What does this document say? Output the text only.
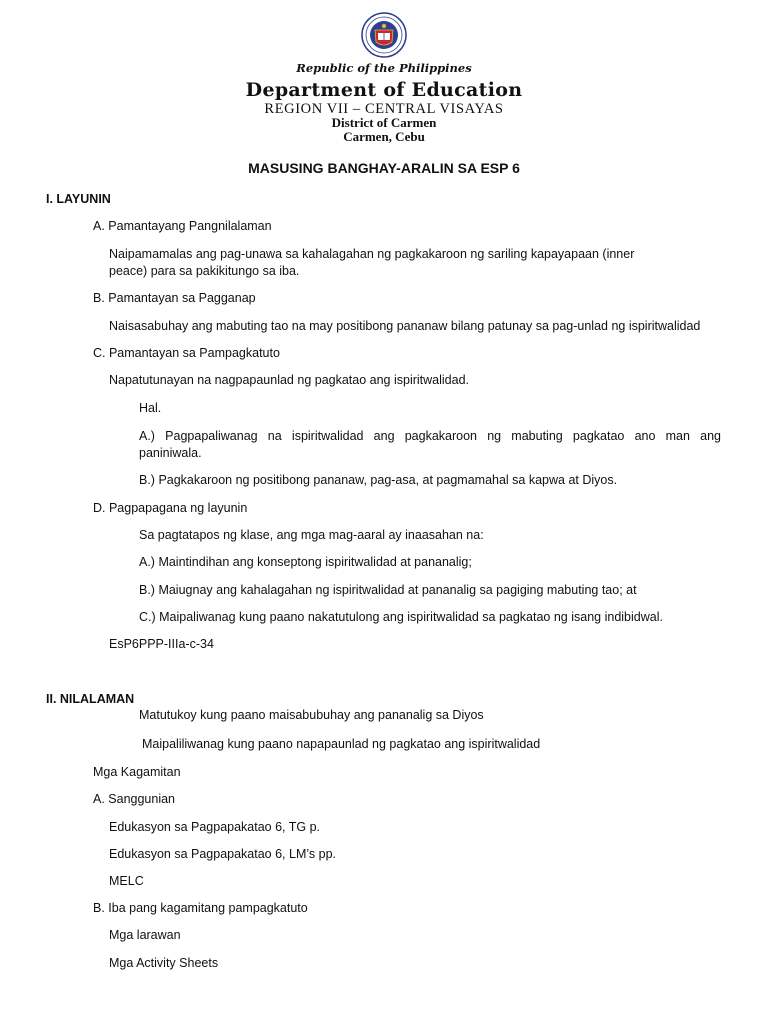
Republic of the Philippines
Department of Education
REGION VII – CENTRAL VISAYAS
District of Carmen
Carmen, Cebu
MASUSING BANGHAY-ARALIN SA ESP 6
I. LAYUNIN
A. Pamantayang Pangnilalaman
Naipamamalas ang pag-unawa sa kahalagahan ng pagkakaroon ng sariling kapayapaan (inner
peace) para sa pakikitungo sa iba.
B. Pamantayan sa Pagganap
Naisasabuhay ang mabuting tao na may positibong pananaw bilang patunay sa pag-unlad ng ispiritwalidad
C. Pamantayan sa Pampagkatuto
Napatutunayan na nagpapaunlad ng pagkatao ang ispiritwalidad.
Hal.
A.) Pagpapaliwanag na ispiritwalidad ang pagkakaroon ng mabuting pagkatao ano man ang
paniniwala.
B.) Pagkakaroon ng positibong pananaw, pag-asa, at pagmamahal sa kapwa at Diyos.
D. Pagpapagana ng layunin
Sa pagtatapos ng klase, ang mga mag-aaral ay inaasahan na:
A.) Maintindihan ang konseptong ispiritwalidad at pananalig;
B.) Maiugnay ang kahalagahan ng ispiritwalidad at pananalig sa pagiging mabuting tao; at
C.) Maipaliwanag kung paano nakatutulong ang ispiritwalidad sa pagkatao ng isang indibidwal.
EsP6PPP-IIIa-c-34
II. NILALAMAN
Matutukoy kung paano maisabubuhay ang pananalig sa Diyos
Maipaliliwanag kung paano napapaunlad ng pagkatao ang ispiritwalidad
Mga Kagamitan
A. Sanggunian
Edukasyon sa Pagpapakatao 6, TG p.
Edukasyon sa Pagpapakatao 6, LM’s pp.
MELC
B. Iba pang kagamitang pampagkatuto
Mga larawan
Mga Activity Sheets
